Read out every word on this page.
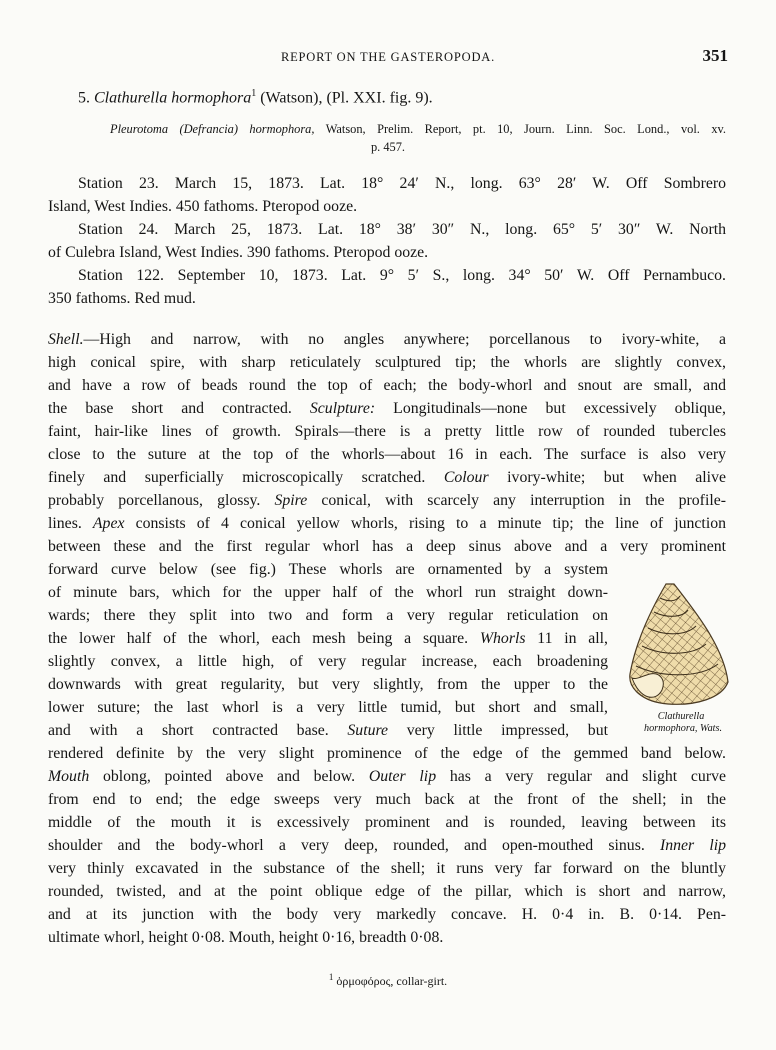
REPORT ON THE GASTEROPODA.	351
5. Clathurella hormophora$^1$ (Watson), (Pl. XXI. fig. 9).
Pleurotoma (Defrancia) hormophora, Watson, Prelim. Report, pt. 10, Journ. Linn. Soc. Lond., vol. xv.
p. 457.
Station 23. March 15, 1873. Lat. 18° 24′ N., long. 63° 28′ W. Off Sombrero
Island, West Indies. 450 fathoms. Pteropod ooze.
Station 24. March 25, 1873. Lat. 18° 38′ 30″ N., long. 65° 5′ 30″ W. North
of Culebra Island, West Indies. 390 fathoms. Pteropod ooze.
Station 122. September 10, 1873. Lat. 9° 5′ S., long. 34° 50′ W. Off Pernambuco.
350 fathoms. Red mud.
Shell.—High and narrow, with no angles anywhere; porcellanous to ivory-white, a
high conical spire, with sharp reticulately sculptured tip; the whorls are slightly convex,
and have a row of beads round the top of each; the body-whorl and snout are small, and
the base short and contracted. Sculpture: Longitudinals—none but excessively oblique,
faint, hair-like lines of growth. Spirals—there is a pretty little row of rounded tubercles
close to the suture at the top of the whorls—about 16 in each. The surface is also very
finely and superficially microscopically scratched. Colour ivory-white; but when alive
probably porcellanous, glossy. Spire conical, with scarcely any interruption in the profile-
lines. Apex consists of 4 conical yellow whorls, rising to a minute tip; the line of junction
between these and the first regular whorl has a deep sinus above and a very prominent
forward curve below (see fig.) These whorls are ornamented by a system
of minute bars, which for the upper half of the whorl run straight down-
wards; there they split into two and form a very regular reticulation on
the lower half of the whorl, each mesh being a square. Whorls 11 in all,
slightly convex, a little high, of very regular increase, each broadening
downwards with great regularity, but very slightly, from the upper to the
lower suture; the last whorl is a very little tumid, but short and small,
and with a short contracted base. Suture very little impressed, but
rendered definite by the very slight prominence of the edge of the gemmed band below.
Mouth oblong, pointed above and below. Outer lip has a very regular and slight curve
from end to end; the edge sweeps very much back at the front of the shell; in the
middle of the mouth it is excessively prominent and is rounded, leaving between its
shoulder and the body-whorl a very deep, rounded, and open-mouthed sinus. Inner lip
very thinly excavated in the substance of the shell; it runs very far forward on the bluntly
rounded, twisted, and at the point oblique edge of the pillar, which is short and narrow,
and at its junction with the body very markedly concave. H. 0·4 in. B. 0·14. Pen-
ultimate whorl, height 0·08. Mouth, height 0·16, breadth 0·08.
Clathurella
hormophora, Wats.
$^1$ ὁρμοφόρος, collar-girt.
